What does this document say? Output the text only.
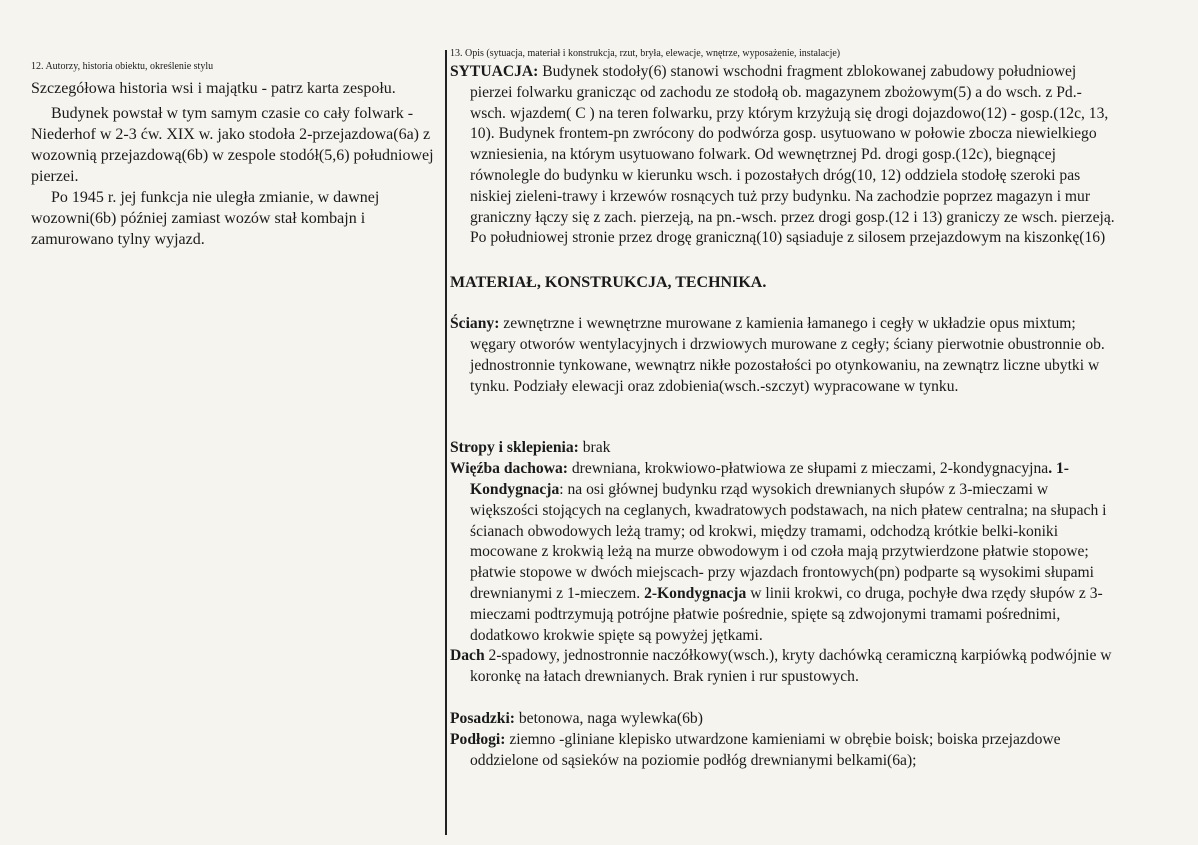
12. Autorzy, historia obiektu, określenie stylu

Szczegółowa historia wsi i majątku - patrz karta zespołu.

Budynek powstał w tym samym czasie co cały folwark - Niederhof w 2-3 ćw. XIX w. jako stodoła 2-przejazdowa(6a) z wozownią przejazdową(6b) w zespole stodół(5,6) południowej pierzei.

Po 1945 r. jej funkcja nie uległa zmianie, w dawnej wozowni(6b) później zamiast wozów stał kombajn i zamurowano tylny wyjazd.

13. Opis (sytuacja, materiał i konstrukcja, rzut, bryła, elewacje, wnętrze, wyposażenie, instalacje)

SYTUACJA: Budynek stodoły(6) stanowi wschodni fragment zblokowanej zabudowy południowej pierzei folwarku granicząc od zachodu ze stodołą ob. magazynem zbożowym(5) a do wsch. z Pd.-wsch. wjazdem( C ) na teren folwarku, przy którym krzyżują się drogi dojazdowo(12) - gosp.(12c, 13, 10). Budynek frontem-pn zwrócony do podwórza gosp. usytuowano w połowie zbocza niewielkiego wzniesienia, na którym usytuowano folwark. Od wewnętrznej Pd. drogi gosp.(12c), biegnącej równolegle do budynku w kierunku wsch. i pozostałych dróg(10, 12) oddziela stodołę szeroki pas niskiej zieleni-trawy i krzewów rosnących tuż przy budynku. Na zachodzie poprzez magazyn i mur graniczny łączy się z zach. pierzeją, na pn.-wsch. przez drogi gosp.(12 i 13) graniczy ze wsch. pierzeją. Po południowej stronie przez drogę graniczną(10) sąsiaduje z silosem przejazdowym na kiszonkę(16)

MATERIAŁ, KONSTRUKCJA, TECHNIKA.

Ściany: zewnętrzne i wewnętrzne murowane z kamienia łamanego i cegły w układzie opus mixtum; węgary otworów wentylacyjnych i drzwiowych murowane z cegły; ściany pierwotnie obustronnie ob. jednostronnie tynkowane, wewnątrz nikłe pozostałości po otynkowaniu, na zewnątrz liczne ubytki w tynku. Podziały elewacji oraz zdobienia(wsch.-szczyt) wypracowane w tynku.

Stropy i sklepienia: brak

Więźba dachowa: drewniana, krokwiowo-płatwiowa ze słupami z mieczami, 2-kondygnacyjna. 1-Kondygnacja: na osi głównej budynku rząd wysokich drewnianych słupów z 3-mieczami w większości stojących na ceglanych, kwadratowych podstawach, na nich płatew centralna; na słupach i ścianach obwodowych leżą tramy; od krokwi, między tramami, odchodzą krótkie belki-koniki mocowane z krokwią leżą na murze obwodowym i od czoła mają przytwierdzone płatwie stopowe; płatwie stopowe w dwóch miejscach- przy wjazdach frontowych(pn) podparte są wysokimi słupami drewnianymi z 1-mieczem. 2-Kondygnacja w linii krokwi, co druga, pochyłe dwa rzędy słupów z 3-mieczami podtrzymują potrójne płatwie pośrednie, spięte są zdwojonymi tramami pośrednimi, dodatkowo krokwie spięte są powyżej jętkami.

Dach 2-spadowy, jednostronnie naczółkowy(wsch.), kryty dachówką ceramiczną karpiówką podwójnie w koronkę na łatach drewnianych. Brak rynien i rur spustowych.

Posadzki: betonowa, naga wylewka(6b)

Podłogi: ziemno -gliniane klepisko utwardzone kamieniami w obrębie boisk; boiska przejazdowe oddzielone od sąsieków na poziomie podłóg drewnianymi belkami(6a);
